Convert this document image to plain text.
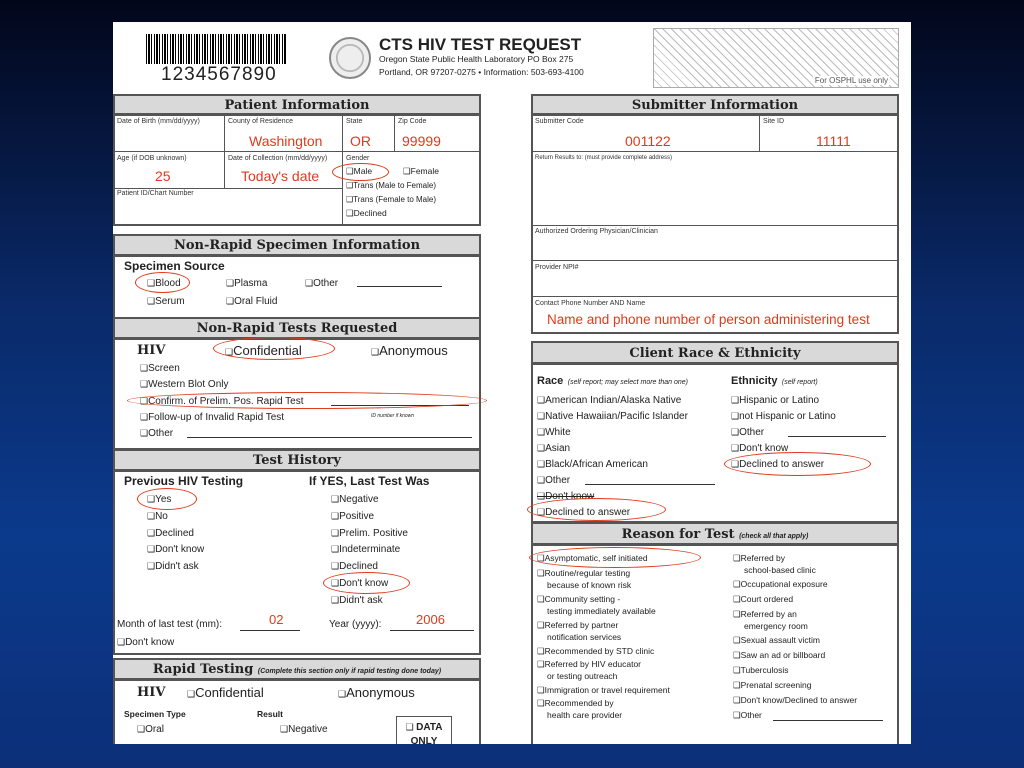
1234567890
CTS HIV TEST REQUEST
Oregon State Public Health Laboratory PO Box 275
Portland, OR 97207-0275 • Information: 503-693-4100
For OSPHL use only
Patient Information
Date of Birth (mm/dd/yyyy)	County of Residence
Washington
State
OR
Zip Code
99999
Age (if DOB unknown)
25
Date of Collection (mm/dd/yyyy)
Today's date
Gender
❑ Male	❑ Female
❑ Trans (Male to Female)
❑ Trans (Female to Male)
❑ Declined
Patient ID/Chart Number
Non-Rapid Specimen Information
Specimen Source
❑ Blood	❑ Plasma	❑ Other
❑ Serum	❑ Oral Fluid
Non-Rapid Tests Requested
HIV	❑ Confidential	❑ Anonymous
❑ Screen
❑ Western Blot Only
❑ Confirm. of Prelim. Pos. Rapid Test
❑ Follow-up of Invalid Rapid Test	ID number if known
❑ Other
Test History
Previous HIV Testing
❑ Yes
❑ No
❑ Declined
❑ Don't know
❑ Didn't ask
If YES, Last Test Was
❑ Negative
❑ Positive
❑ Prelim. Positive
❑ Indeterminate
❑ Declined
❑ Don't know
❑ Didn't ask
Month of last test (mm):	02	Year (yyyy):	2006
❑ Don't know
Rapid Testing (Complete this section only if rapid testing done today)
HIV	❑ Confidential	❑ Anonymous
Specimen Type	Result
❑ Oral	❑ Negative	❑ DATA
ONLY
Submitter Information
Submitter Code
001122
Site ID
11111
Return Results to: (must provide complete address)
Authorized Ordering Physician/Clinician
Provider NPI#
Contact Phone Number AND Name
Name and phone number of person administering test
Client Race & Ethnicity
Race (self report; may select more than one)	Ethnicity (self report)
❑ American Indian/Alaska Native
❑ Native Hawaiian/Pacific Islander
❑ White
❑ Asian
❑ Black/African American
❑ Other
❑ Don't know
❑ Declined to answer
❑ Hispanic or Latino
❑ not Hispanic or Latino
❑ Other
❑ Don't know
❑ Declined to answer
Reason for Test (check all that apply)
❑ Asymptomatic, self initiated
❑ Routine/regular testing
because of known risk
❑ Community setting -
testing immediately available
❑ Referred by partner
notification services
❑ Recommended by STD clinic
❑ Referred by HIV educator
or testing outreach
❑ Immigration or travel requirement
❑ Recommended by
health care provider
❑ Referred by
school-based clinic
❑ Occupational exposure
❑ Court ordered
❑ Referred by an
emergency room
❑ Sexual assault victim
❑ Saw an ad or billboard
❑ Tuberculosis
❑ Prenatal screening
❑ Don't know/Declined to answer
❑ Other
